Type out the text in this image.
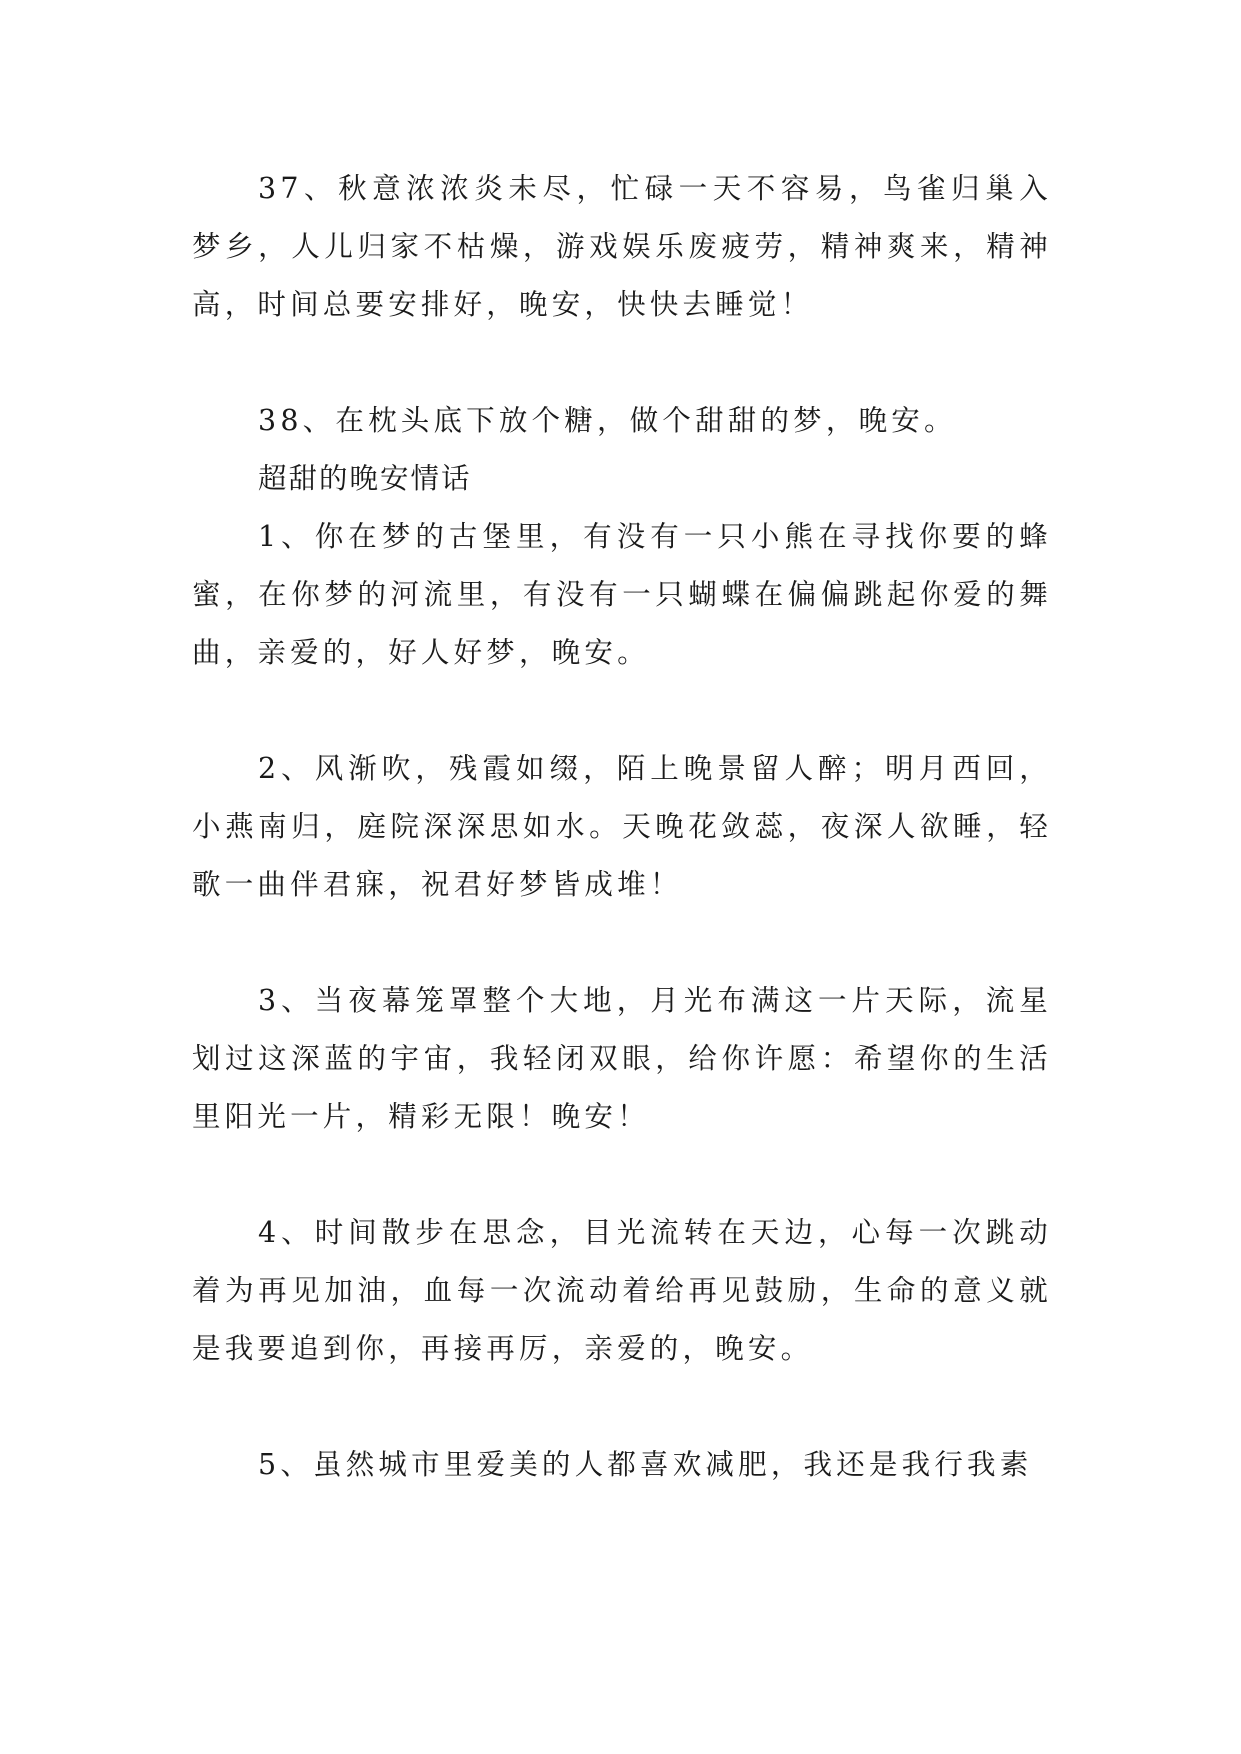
37、秋意浓浓炎未尽，忙碌一天不容易，鸟雀归巢入梦乡，人儿归家不枯燥，游戏娱乐废疲劳，精神爽来，精神高，时间总要安排好，晚安，快快去睡觉！

38、在枕头底下放个糖，做个甜甜的梦，晚安。

超甜的晚安情话

1、你在梦的古堡里，有没有一只小熊在寻找你要的蜂蜜，在你梦的河流里，有没有一只蝴蝶在偏偏跳起你爱的舞曲，亲爱的，好人好梦，晚安。

2、风渐吹，残霞如缀，陌上晚景留人醉；明月西回，小燕南归，庭院深深思如水。天晚花敛蕊，夜深人欲睡，轻歌一曲伴君寐，祝君好梦皆成堆！

3、当夜幕笼罩整个大地，月光布满这一片天际，流星划过这深蓝的宇宙，我轻闭双眼，给你许愿：希望你的生活里阳光一片，精彩无限！晚安！

4、时间散步在思念，目光流转在天边，心每一次跳动着为再见加油，血每一次流动着给再见鼓励，生命的意义就是我要追到你，再接再厉，亲爱的，晚安。

5、虽然城市里爱美的人都喜欢减肥，我还是我行我素
